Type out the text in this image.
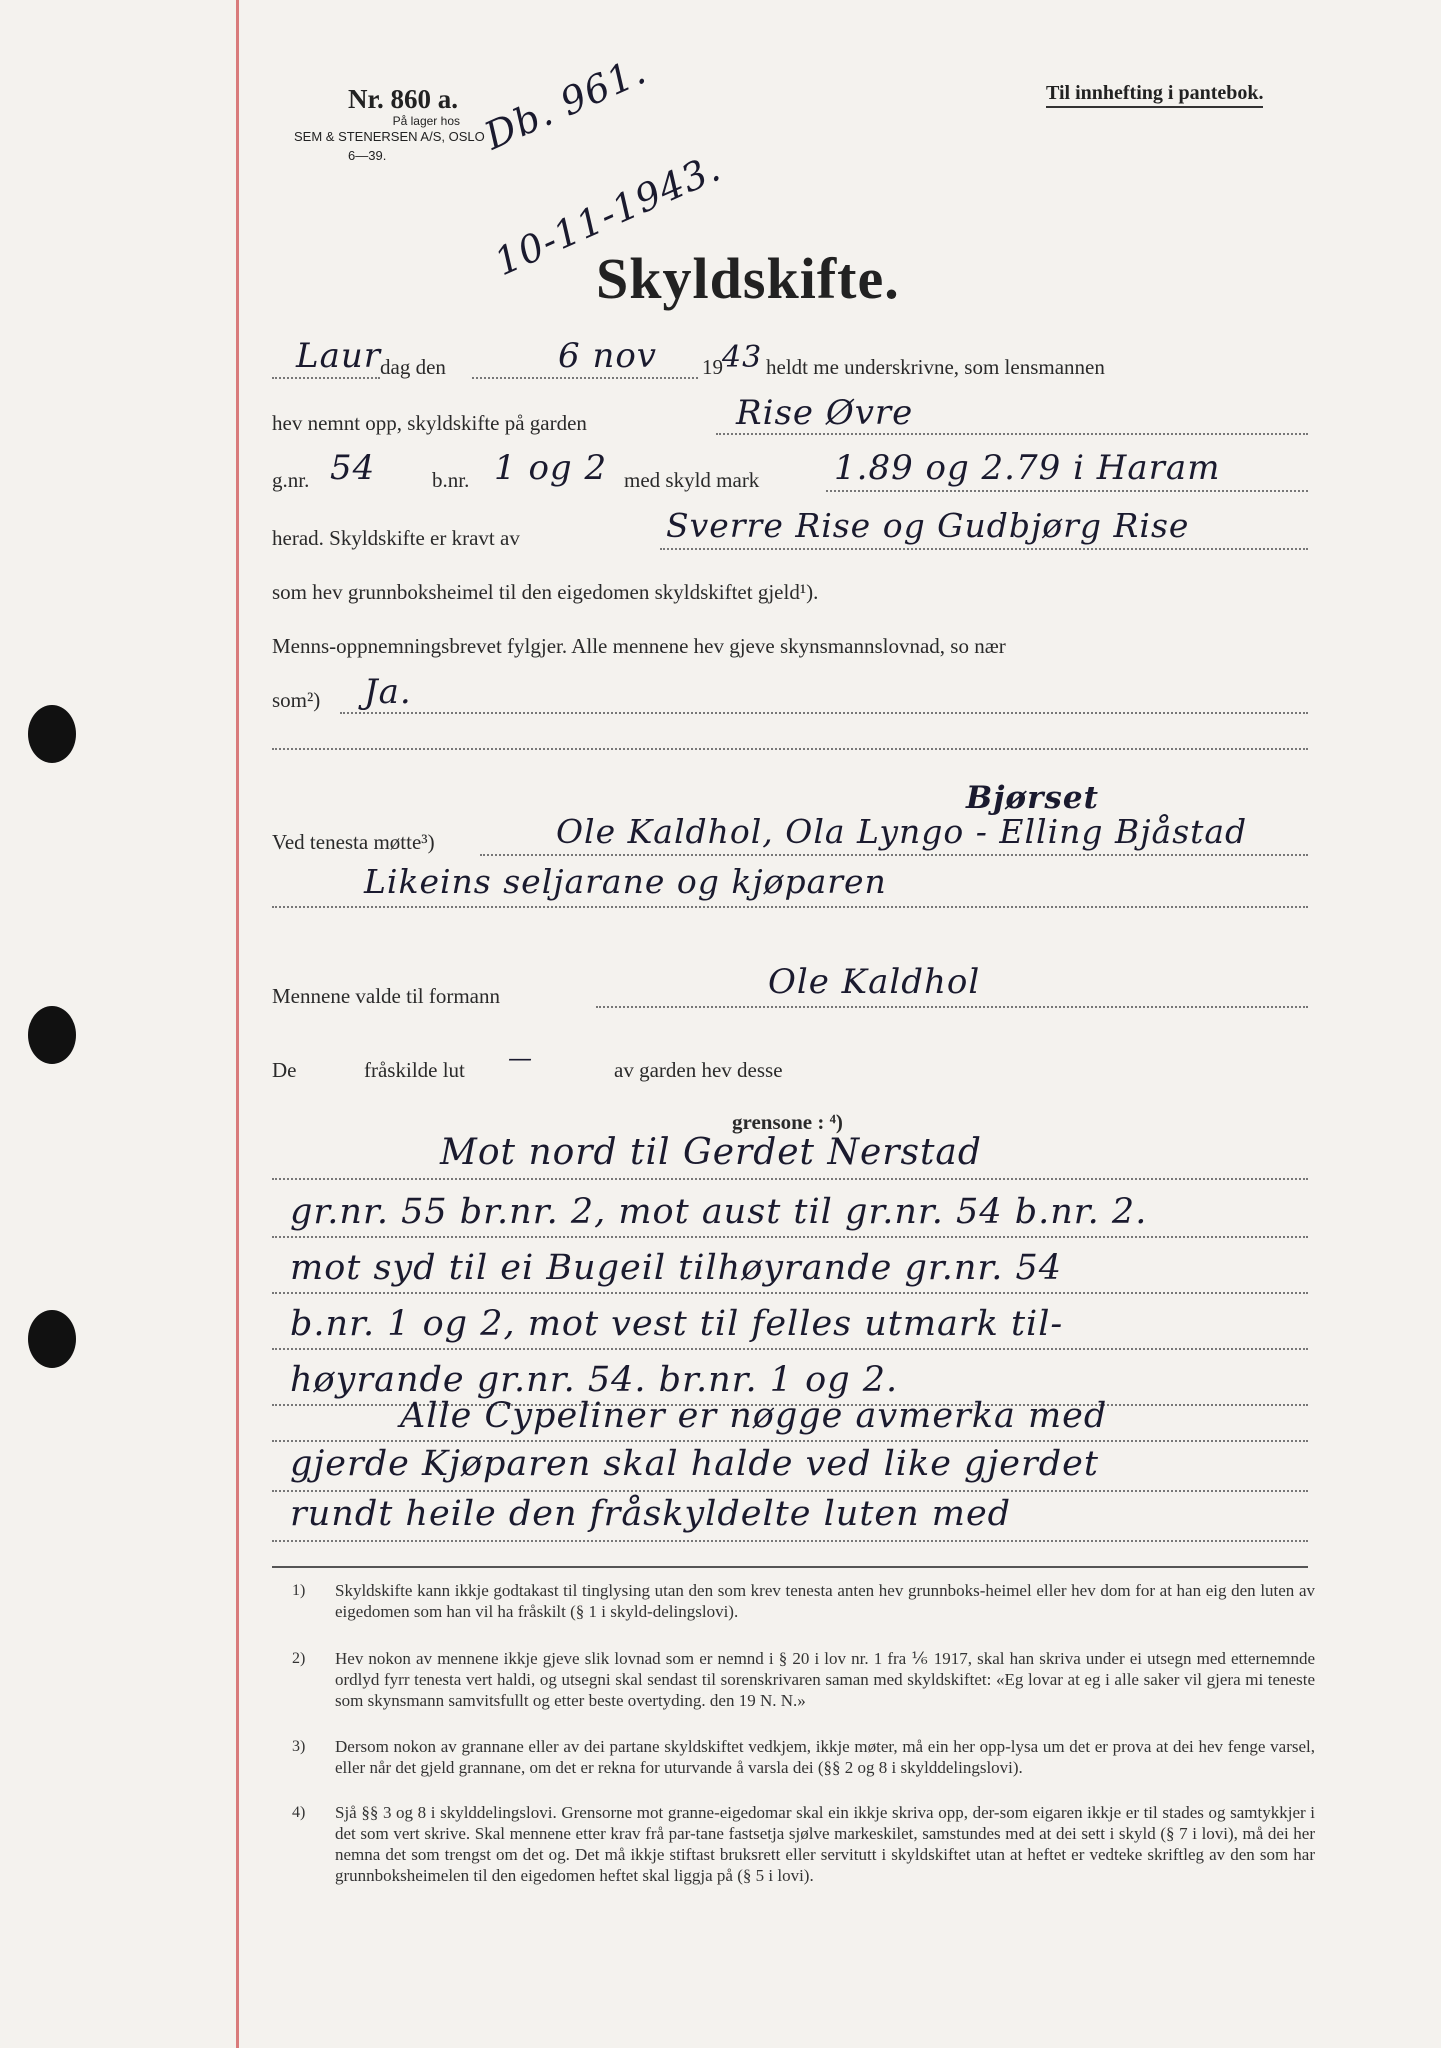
Nr. 860 a.
På lager hos
SEM & STENERSEN A/S, OSLO
6—39.
Til innhefting i pantebok.
Db. 961.
10-11-1943.
Skyldskifte.
Laur dag den	6 nov 19 43 heldt me underskrivne, som lensmannen
hev nemnt opp, skyldskifte på garden	Rise Øvre
g.nr. 54	b.nr. 1 og 2 med skyld mark 1.89 og 2.79 i Haram
herad. Skyldskifte er kravt av	Sverre Rise og Gudbjørg Rise
som hev grunnboksheimel til den eigedomen skyldskiftet gjeld¹).
Menns-oppnemningsbrevet fylgjer. Alle mennene hev gjeve skynsmannslovnad, so nær
som²) Ja.
Bjørset
Ved tenesta møtte³)	Ole Kaldhol, Ola Lyngo - Elling Bjåstad
Likeins seljarane og kjøparen
Mennene valde til formann	Ole Kaldhol
De	fråskilde lut —	av garden hev desse
grensone : ⁴)
Mot nord til Gerdet Nerstad
gr.nr. 55 br.nr. 2, mot aust til gr.nr. 54 b.nr. 2.
mot syd til ei Bugeil tilhøyrande gr.nr. 54
b.nr. 1 og 2, mot vest til felles utmark til-
høyrande gr.nr. 54. br.nr. 1 og 2.
Alle Cypeliner er nøgge avmerka med
gjerde Kjøparen skal halde ved like gjerdet
rundt heile den fråskyldelte luten med
1) Skyldskifte kann ikkje godtakast til tinglysing utan den som krev tenesta anten hev grunnboks-heimel eller hev dom for at han eig den luten av eigedomen som han vil ha fråskilt (§ 1 i skyld-delingslovi).
2) Hev nokon av mennene ikkje gjeve slik lovnad som er nemnd i § 20 i lov nr. 1 fra ⅙ 1917, skal han skriva under ei utsegn med etternemnde ordlyd fyrr tenesta vert haldi, og utsegni skal sendast til sorenskrivaren saman med skyldskiftet: «Eg lovar at eg i alle saker vil gjera mi teneste som skynsmann samvitsfullt og etter beste overtyding. den 19 N. N.»
3) Dersom nokon av grannane eller av dei partane skyldskiftet vedkjem, ikkje møter, må ein her opp-lysa um det er prova at dei hev fenge varsel, eller når det gjeld grannane, om det er rekna for uturvande å varsla dei (§§ 2 og 8 i skylddelingslovi).
4) Sjå §§ 3 og 8 i skylddelingslovi. Grensorne mot granne-eigedomar skal ein ikkje skriva opp, der-som eigaren ikkje er til stades og samtykkjer i det som vert skrive. Skal mennene etter krav frå par-tane fastsetja sjølve markeskilet, samstundes med at dei sett i skyld (§ 7 i lovi), må dei her nemna det som trengst om det og. Det må ikkje stiftast bruksrett eller servitutt i skyldskiftet utan at heftet er vedteke skriftleg av den som har grunnboksheimelen til den eigedomen heftet skal liggja på (§ 5 i lovi).
